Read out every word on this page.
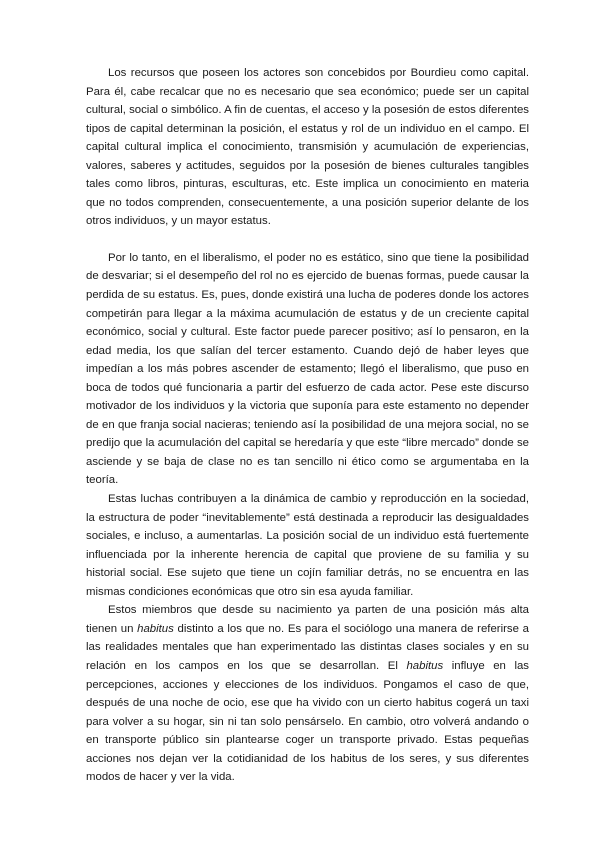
Los recursos que poseen los actores son concebidos por Bourdieu como capital. Para él, cabe recalcar que no es necesario que sea económico; puede ser un capital cultural, social o simbólico. A fin de cuentas, el acceso y la posesión de estos diferentes tipos de capital determinan la posición, el estatus y rol de un individuo en el campo. El capital cultural implica el conocimiento, transmisión y acumulación de experiencias, valores, saberes y actitudes, seguidos por la posesión de bienes culturales tangibles tales como libros, pinturas, esculturas, etc. Este implica un conocimiento en materia que no todos comprenden, consecuentemente, a una posición superior delante de los otros individuos, y un mayor estatus.

Por lo tanto, en el liberalismo, el poder no es estático, sino que tiene la posibilidad de desvariar; si el desempeño del rol no es ejercido de buenas formas, puede causar la perdida de su estatus. Es, pues, donde existirá una lucha de poderes donde los actores competirán para llegar a la máxima acumulación de estatus y de un creciente capital económico, social y cultural. Este factor puede parecer positivo; así lo pensaron, en la edad media, los que salían del tercer estamento. Cuando dejó de haber leyes que impedían a los más pobres ascender de estamento; llegó el liberalismo, que puso en boca de todos qué funcionaria a partir del esfuerzo de cada actor. Pese este discurso motivador de los individuos y la victoria que suponía para este estamento no depender de en que franja social nacieras; teniendo así la posibilidad de una mejora social, no se predijo que la acumulación del capital se heredaría y que este “libre mercado” donde se asciende y se baja de clase no es tan sencillo ni ético como se argumentaba en la teoría.

Estas luchas contribuyen a la dinámica de cambio y reproducción en la sociedad, la estructura de poder “inevitablemente” está destinada a reproducir las desigualdades sociales, e incluso, a aumentarlas. La posición social de un individuo está fuertemente influenciada por la inherente herencia de capital que proviene de su familia y su historial social. Ese sujeto que tiene un cojín familiar detrás, no se encuentra en las mismas condiciones económicas que otro sin esa ayuda familiar.

Estos miembros que desde su nacimiento ya parten de una posición más alta tienen un habitus distinto a los que no. Es para el sociólogo una manera de referirse a las realidades mentales que han experimentado las distintas clases sociales y en su relación en los campos en los que se desarrollan. El habitus influye en las percepciones, acciones y elecciones de los individuos. Pongamos el caso de que, después de una noche de ocio, ese que ha vivido con un cierto habitus cogerá un taxi para volver a su hogar, sin ni tan solo pensárselo. En cambio, otro volverá andando o en transporte público sin plantearse coger un transporte privado. Estas pequeñas acciones nos dejan ver la cotidianidad de los habitus de los seres, y sus diferentes modos de hacer y ver la vida.
